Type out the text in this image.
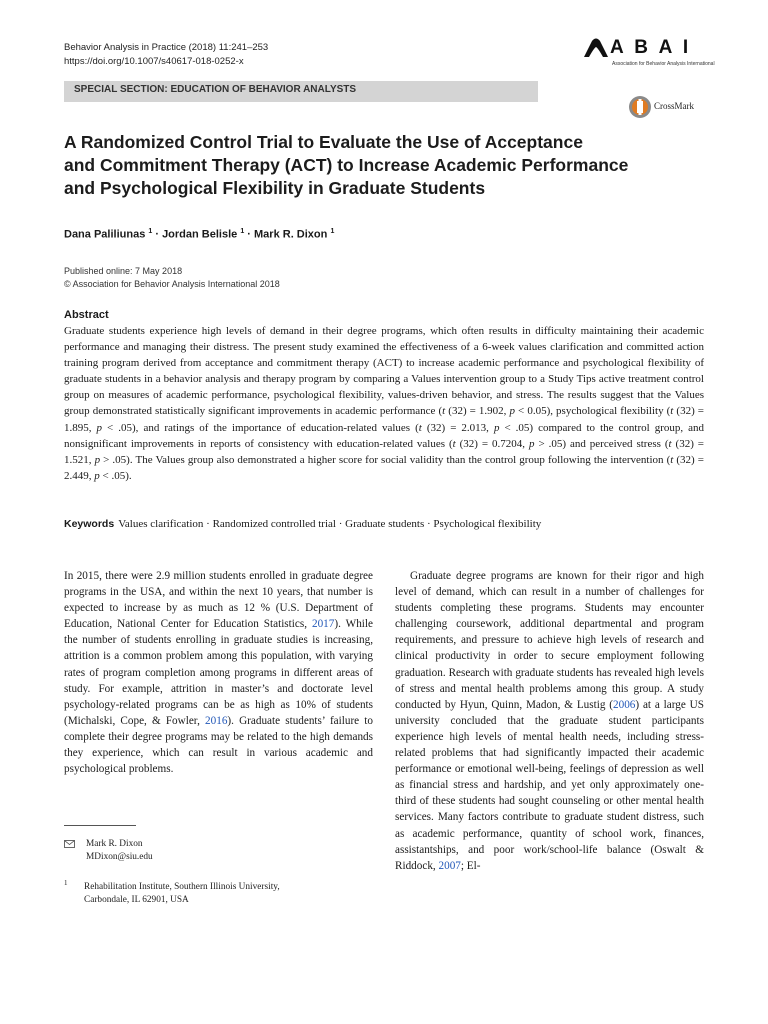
Behavior Analysis in Practice (2018) 11:241–253
https://doi.org/10.1007/s40617-018-0252-x
A B A I
Association for Behavior Analysis International
SPECIAL SECTION: EDUCATION OF BEHAVIOR ANALYSTS
CrossMark
A Randomized Control Trial to Evaluate the Use of Acceptance
and Commitment Therapy (ACT) to Increase Academic Performance
and Psychological Flexibility in Graduate Students
Dana Paliliunas $^1$ · Jordan Belisle $^1$ · Mark R. Dixon $^1$
Published online: 7 May 2018
© Association for Behavior Analysis International 2018
Abstract
Graduate students experience high levels of demand in their degree programs, which often results in difficulty maintaining their academic performance and managing their distress. The present study examined the effectiveness of a 6-week values clarification and committed action training program derived from acceptance and commitment therapy (ACT) to increase academic performance and psychological flexibility of graduate students in a behavior analysis and therapy program by comparing a Values intervention group to a Study Tips active treatment control group on measures of academic performance, psychological flexibility, values-driven behavior, and stress. The results suggest that the Values group demonstrated statistically significant improvements in academic performance (t (32) = 1.902, p < 0.05), psychological flexibility (t (32) = 1.895, p < .05), and ratings of the importance of education-related values (t (32) = 2.013, p < .05) compared to the control group, and nonsignificant improvements in reports of consistency with education-related values (t (32) = 0.7204, p > .05) and perceived stress (t (32) = 1.521, p > .05). The Values group also demonstrated a higher score for social validity than the control group following the intervention (t (32) = 2.449, p < .05).
Keywords Values clarification · Randomized controlled trial · Graduate students · Psychological flexibility
In 2015, there were 2.9 million students enrolled in graduate degree programs in the USA, and within the next 10 years, that number is expected to increase by as much as 12 % (U.S. Department of Education, National Center for Education Statistics, 2017). While the number of students enrolling in graduate studies is increasing, attrition is a common problem among this population, with varying rates of program completion among programs in different areas of study. For example, attrition in master’s and doctorate level psychology-related programs can be as high as 10% of students (Michalski, Cope, & Fowler, 2016). Graduate students’ failure to complete their degree programs may be related to the high demands they experience, which can result in various academic and psychological problems.
Graduate degree programs are known for their rigor and high level of demand, which can result in a number of challenges for students completing these programs. Students may encounter challenging coursework, additional departmental and program requirements, and pressure to achieve high levels of research and clinical productivity in order to secure employment following graduation. Research with graduate students has revealed high levels of stress and mental health problems among this group. A study conducted by Hyun, Quinn, Madon, & Lustig (2006) at a large US university concluded that the graduate student participants experience high levels of mental health needs, including stress-related problems that had significantly impacted their academic performance or emotional well-being, feelings of depression as well as financial stress and hardship, and yet only approximately one-third of these students had sought counseling or other mental health services. Many factors contribute to graduate student distress, such as academic performance, quantity of school work, finances, assistantships, and poor work/school-life balance (Oswalt & Riddock, 2007; El-
Mark R. Dixon
MDixon@siu.edu
1 Rehabilitation Institute, Southern Illinois University,
Carbondale, IL 62901, USA
